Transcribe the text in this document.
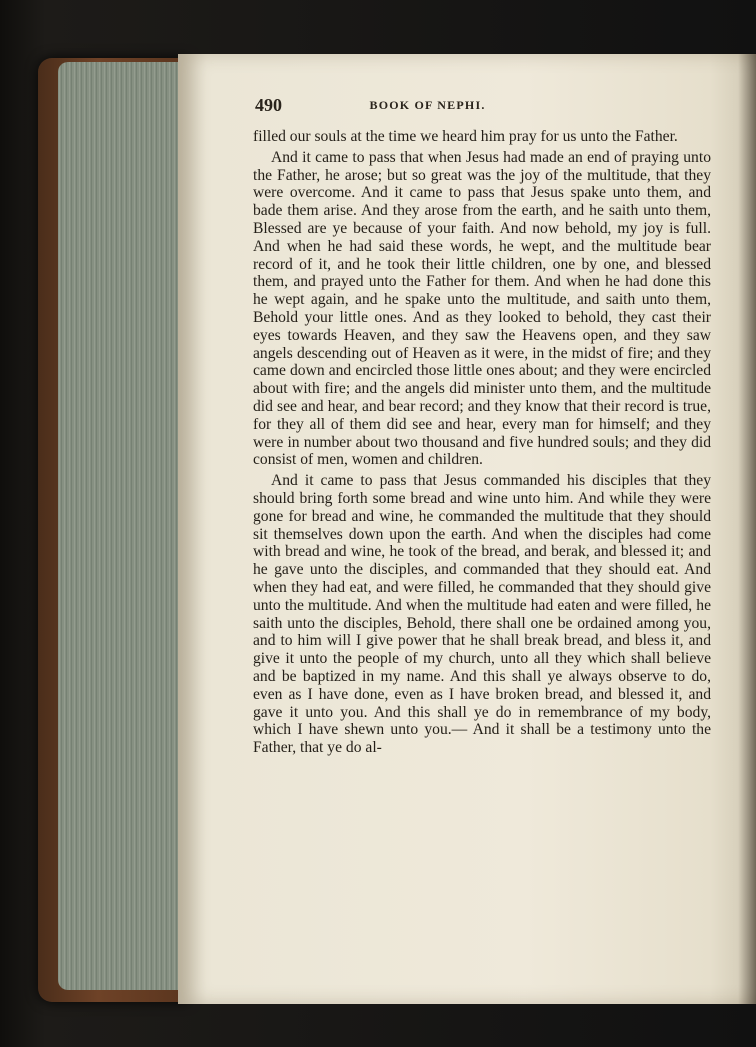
490	BOOK OF NEPHI.

filled our souls at the time we heard him pray for us unto the Father.

And it came to pass that when Jesus had made an end of praying unto the Father, he arose; but so great was the joy of the multitude, that they were overcome. And it came to pass that Jesus spake unto them, and bade them arise. And they arose from the earth, and he saith unto them, Blessed are ye because of your faith. And now behold, my joy is full. And when he had said these words, he wept, and the multitude bear record of it, and he took their little children, one by one, and blessed them, and prayed unto the Father for them. And when he had done this he wept again, and he spake unto the multitude, and saith unto them, Behold your little ones. And as they looked to behold, they cast their eyes towards Heaven, and they saw the Heavens open, and they saw angels descending out of Heaven as it were, in the midst of fire; and they came down and encircled those little ones about; and they were encircled about with fire; and the angels did minister unto them, and the multitude did see and hear, and bear record; and they know that their record is true, for they all of them did see and hear, every man for himself; and they were in number about two thousand and five hundred souls; and they did consist of men, women and children.

And it came to pass that Jesus commanded his disciples that they should bring forth some bread and wine unto him. And while they were gone for bread and wine, he commanded the multitude that they should sit themselves down upon the earth. And when the disciples had come with bread and wine, he took of the bread, and berak, and blessed it; and he gave unto the disciples, and commanded that they should eat. And when they had eat, and were filled, he commanded that they should give unto the multitude. And when the multitude had eaten and were filled, he saith unto the disciples, Behold, there shall one be ordained among you, and to him will I give power that he shall break bread, and bless it, and give it unto the people of my church, unto all they which shall believe and be baptized in my name. And this shall ye always observe to do, even as I have done, even as I have broken bread, and blessed it, and gave it unto you. And this shall ye do in remembrance of my body, which I have shewn unto you.— And it shall be a testimony unto the Father, that ye do al-
